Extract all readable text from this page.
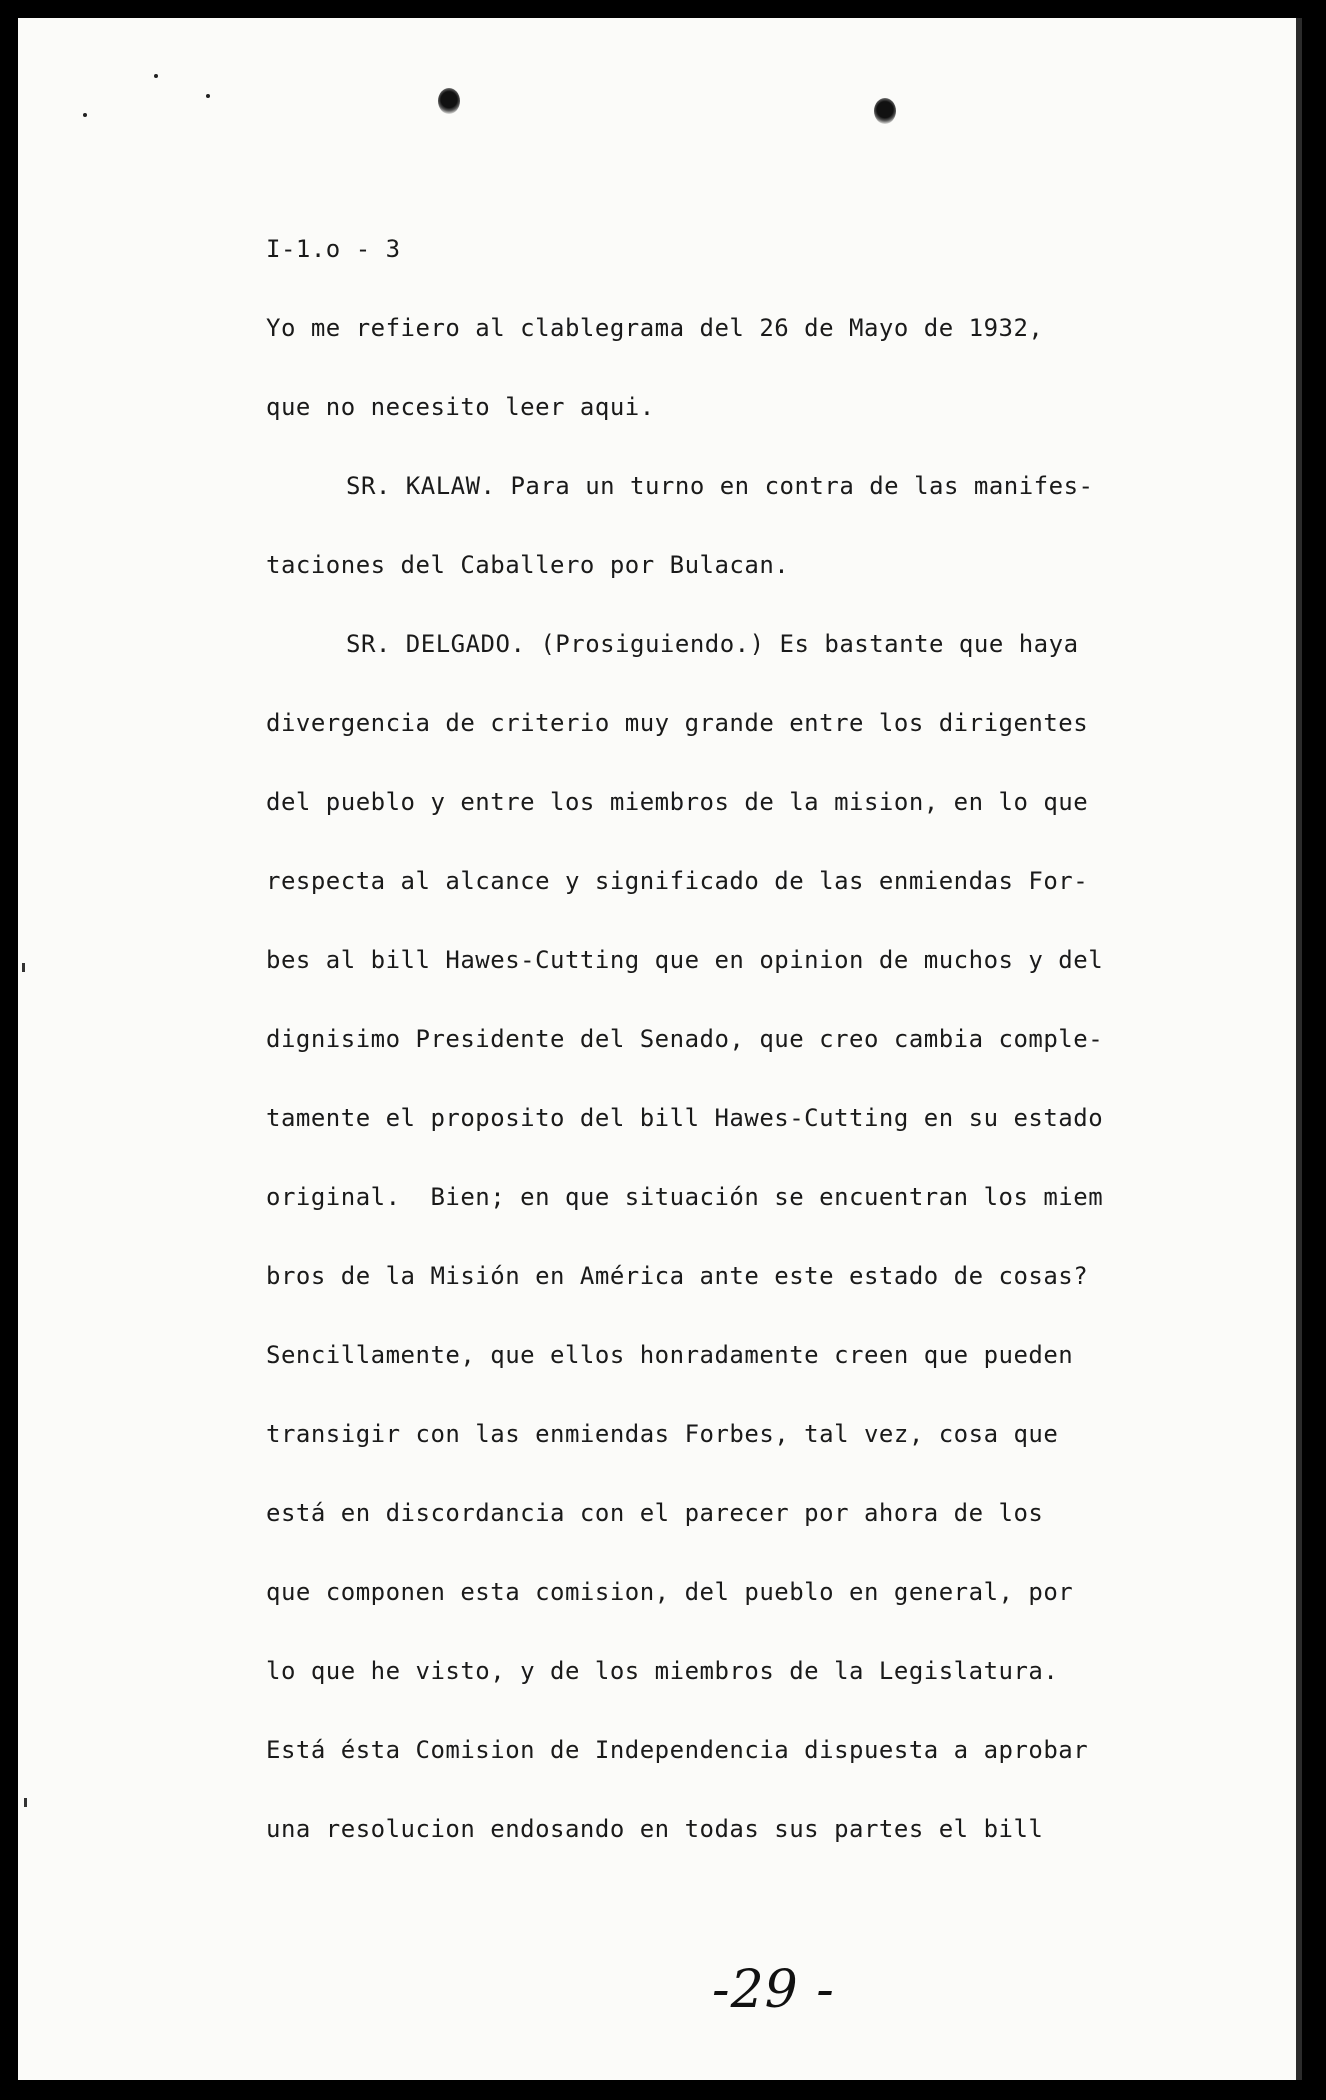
I-1.o - 3
Yo me refiero al clablegrama del 26 de Mayo de 1932,
que no necesito leer aqui.
SR. KALAW. Para un turno en contra de las manifes-
taciones del Caballero por Bulacan.
SR. DELGADO. (Prosiguiendo.) Es bastante que haya
divergencia de criterio muy grande entre los dirigentes
del pueblo y entre los miembros de la mision, en lo que
respecta al alcance y significado de las enmiendas For-
bes al bill Hawes-Cutting que en opinion de muchos y del
dignisimo Presidente del Senado, que creo cambia comple-
tamente el proposito del bill Hawes-Cutting en su estado
original.  Bien; en que situación se encuentran los miem
bros de la Misión en América ante este estado de cosas?
Sencillamente, que ellos honradamente creen que pueden
transigir con las enmiendas Forbes, tal vez, cosa que
está en discordancia con el parecer por ahora de los
que componen esta comision, del pueblo en general, por
lo que he visto, y de los miembros de la Legislatura.
Está ésta Comision de Independencia dispuesta a aprobar
una resolucion endosando en todas sus partes el bill
-29 -
